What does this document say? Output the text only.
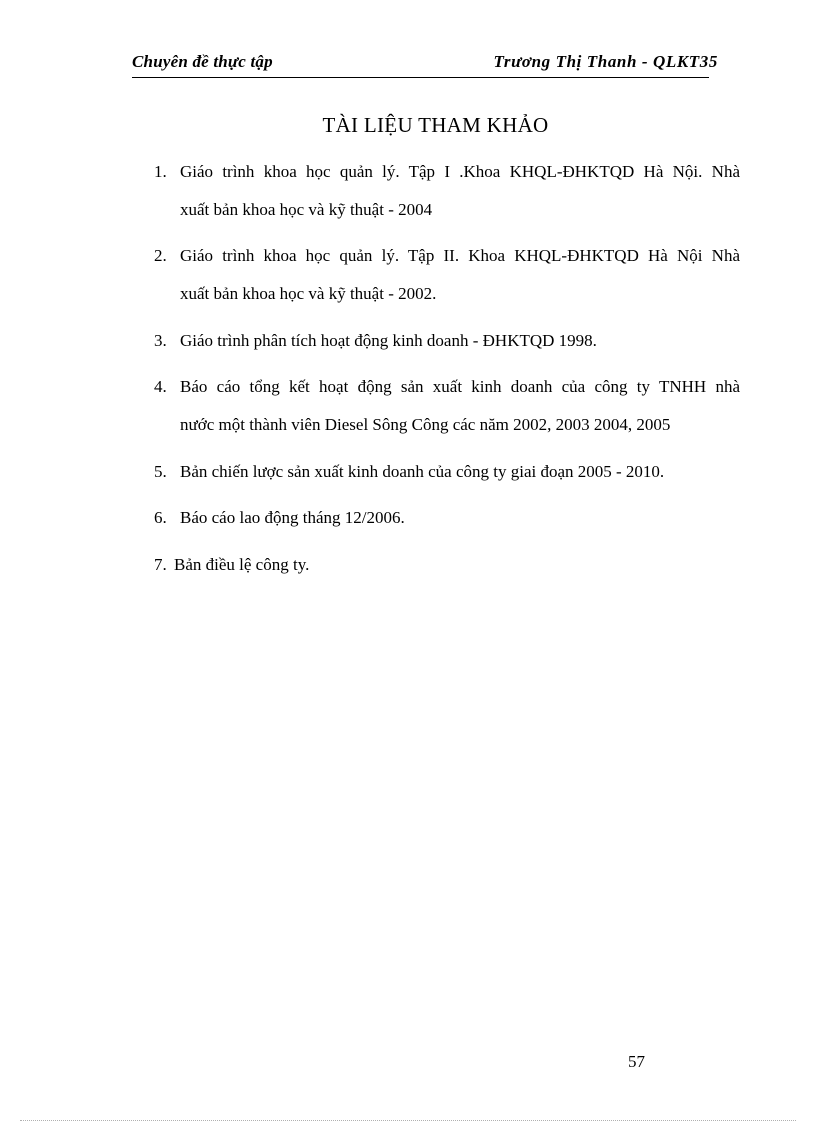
Chuyên đề thực tập	Trương Thị Thanh - QLKT35
TÀI LIỆU THAM KHẢO
1. Giáo trình khoa học quản lý. Tập I .Khoa KHQL-ĐHKTQD Hà Nội. Nhà
xuất bản khoa học và kỹ thuật - 2004
2. Giáo trình khoa học quản lý. Tập II. Khoa KHQL-ĐHKTQD Hà Nội Nhà
xuất bản khoa học và kỹ thuật - 2002.
3. Giáo trình phân tích hoạt động kinh doanh - ĐHKTQD 1998.
4. Báo cáo tổng kết hoạt động sản xuất kinh doanh của công ty TNHH nhà
nước một thành viên Diesel Sông Công các năm 2002, 2003 2004, 2005
5. Bản chiến lược sản xuất kinh doanh của công ty giai đoạn 2005 - 2010.
6. Báo cáo lao động tháng 12/2006.
7. Bản điều lệ công ty.
57
